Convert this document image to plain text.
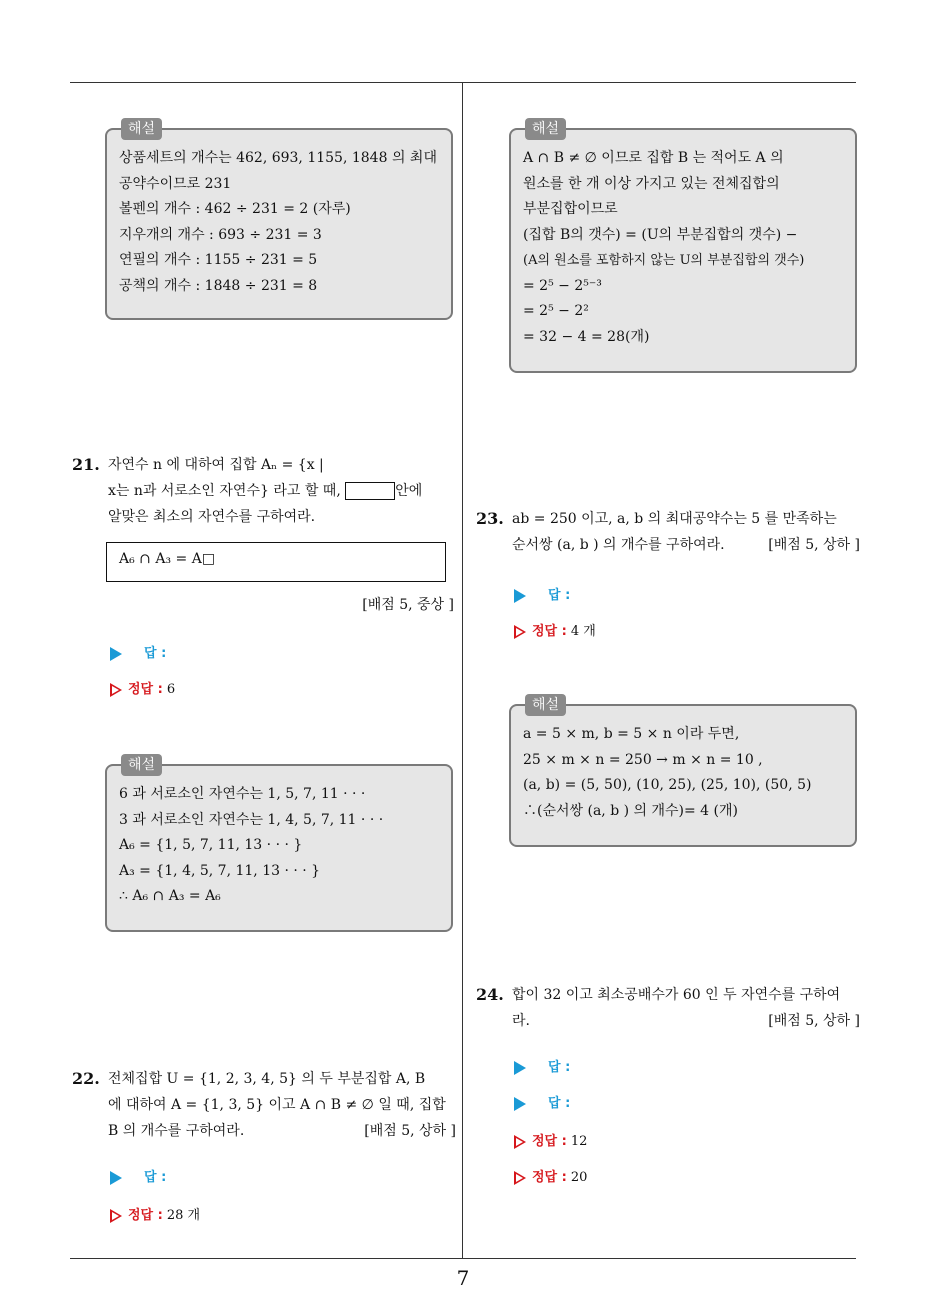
해설
상품세트의 개수는 462, 693, 1155, 1848 의 최대
공약수이므로 231
볼펜의 개수 : 462 ÷ 231 = 2 (자루)
지우개의 개수 : 693 ÷ 231 = 3
연필의 개수 : 1155 ÷ 231 = 5
공책의 개수 : 1848 ÷ 231 = 8
21. 자연수 n 에 대하여 집합 Aₙ = {x |
x는 n과 서로소인 자연수} 라고 할 때,	안에
알맞은 최소의 자연수를 구하여라.
A₆ ∩ A₃ = A□
[배점 5, 중상 ]
답 :
정답 : 6
해설
6 과 서로소인 자연수는 1, 5, 7, 11 · · ·
3 과 서로소인 자연수는 1, 4, 5, 7, 11 · · ·
A₆ = {1, 5, 7, 11, 13 · · · }
A₃ = {1, 4, 5, 7, 11, 13 · · · }
∴ A₆ ∩ A₃ = A₆
22. 전체집합 U = {1, 2, 3, 4, 5} 의 두 부분집합 A, B
에 대하여 A = {1, 3, 5} 이고 A ∩ B ≠ ∅ 일 때, 집합
B 의 개수를 구하여라.	[배점 5, 상하 ]
답 :
정답 : 28 개
해설
A ∩ B ≠ ∅ 이므로 집합 B 는 적어도 A 의
원소를 한 개 이상 가지고 있는 전체집합의
부분집합이므로
(집합 B의 갯수) = (U의 부분집합의 갯수) −
(A의 원소를 포함하지 않는 U의 부분집합의 갯수)
= 2⁵ − 2⁵⁻³
= 2⁵ − 2²
= 32 − 4 = 28(개)
23. ab = 250 이고, a, b 의 최대공약수는 5 를 만족하는
순서쌍 (a, b ) 의 개수를 구하여라.	[배점 5, 상하 ]
답 :
정답 : 4 개
해설
a = 5 × m, b = 5 × n 이라 두면,
25 × m × n = 250 → m × n = 10 ,
(a, b) = (5, 50), (10, 25), (25, 10), (50, 5)
∴(순서쌍 (a, b ) 의 개수)= 4 (개)
24. 합이 32 이고 최소공배수가 60 인 두 자연수를 구하여
라.	[배점 5, 상하 ]
답 :
답 :
정답 : 12
정답 : 20
7
